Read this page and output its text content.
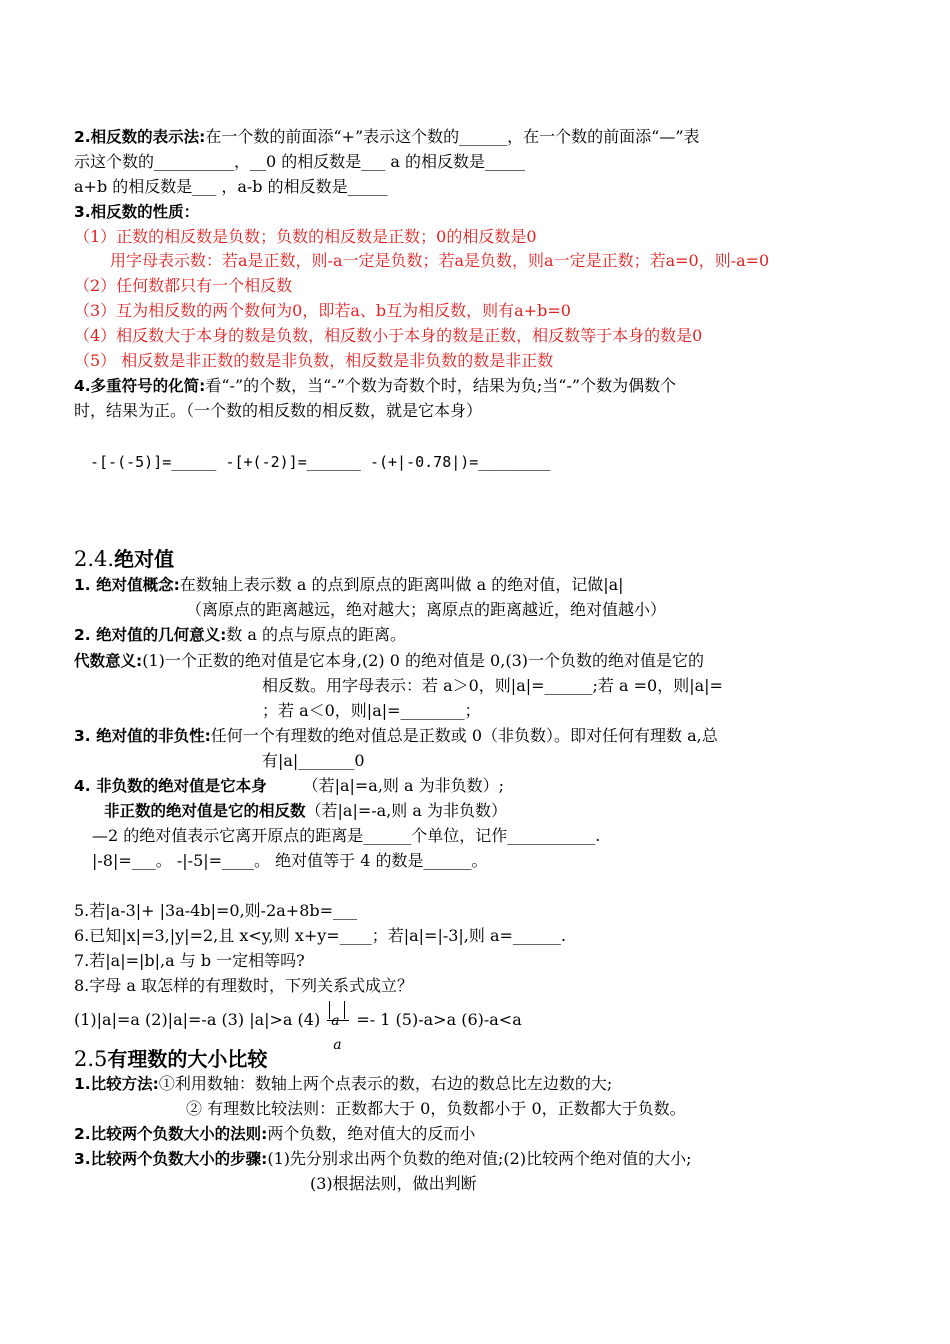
2.相反数的表示法:在一个数的前面添“+”表示这个数的______，在一个数的前面添“—”表
示这个数的__________，__0 的相反数是___ a 的相反数是_____
a+b 的相反数是___ ，a-b 的相反数是_____
3.相反数的性质：
（1）正数的相反数是负数；负数的相反数是正数；0的相反数是0
用字母表示数：若a是正数，则-a一定是负数；若a是负数，则a一定是正数；若a=0，则-a=0
（2）任何数都只有一个相反数
（3）互为相反数的两个数何为0，即若a、b互为相反数，则有a+b=0
（4）相反数大于本身的数是负数，相反数小于本身的数是正数，相反数等于本身的数是0
（5） 相反数是非正数的数是非负数，相反数是非负数的数是非正数
4.多重符号的化简:看“-”的个数，当“-”个数为奇数个时，结果为负;当“-”个数为偶数个
时，结果为正。（一个数的相反数的相反数，就是它本身）
-[-(-5)]=_____ -[+(-2)]=______ -(+|-0.78|)=________
2.4.绝对值
1. 绝对值概念:在数轴上表示数 a 的点到原点的距离叫做 a 的绝对值，记做|a|
（离原点的距离越远，绝对越大；离原点的距离越近，绝对值越小）
2. 绝对值的几何意义:数 a 的点与原点的距离。
代数意义:(1)一个正数的绝对值是它本身,(2) 0 的绝对值是 0,(3)一个负数的绝对值是它的
相反数。用字母表示：若 a＞0，则|a|=______;若 a =0，则|a|=
；若 a＜0，则|a|=________；
3. 绝对值的非负性:任何一个有理数的绝对值总是正数或 0（非负数）。即对任何有理数 a,总
有|a|_______0
4. 非负数的绝对值是它本身 （若|a|=a,则 a 为非负数）;
非正数的绝对值是它的相反数（若|a|=-a,则 a 为非负数）
—2 的绝对值表示它离开原点的距离是______个单位，记作___________.
|-8|=___。 -|-5|=____。 绝对值等于 4 的数是______。
5.若|a-3|+ |3a-4b|=0,则-2a+8b=___
6.已知|x|=3,|y|=2,且 x<y,则 x+y=____；若|a|=|-3|,则 a=______.
7.若|a|=|b|,a 与 b 一定相等吗?
8.字母 a 取怎样的有理数时，下列关系式成立？
(1)|a|=a (2)|a|=-a (3) |a|>a (4) a
a
=- 1 (5)-a>a (6)-a<a
2.5有理数的大小比较
1.比较方法:①利用数轴：数轴上两个点表示的数，右边的数总比左边数的大;
② 有理数比较法则：正数都大于 0，负数都小于 0，正数都大于负数。
2.比较两个负数大小的法则:两个负数，绝对值大的反而小
3.比较两个负数大小的步骤:(1)先分别求出两个负数的绝对值;(2)比较两个绝对值的大小;
(3)根据法则，做出判断
